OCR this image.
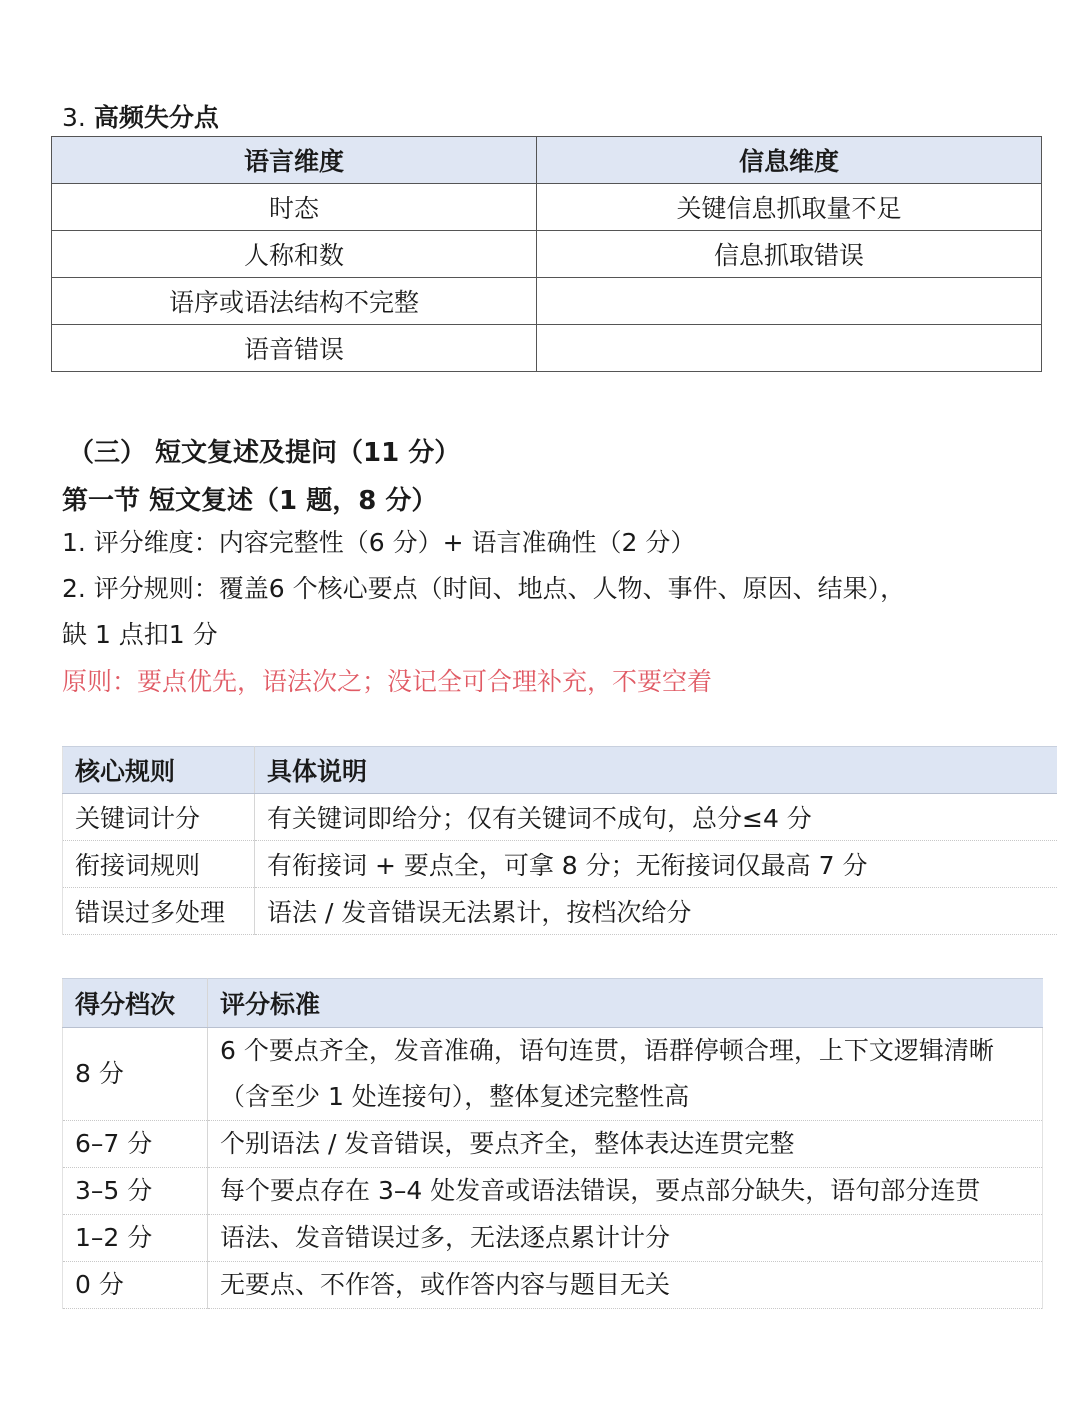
3. 高频失分点
语言维度	信息维度
时态	关键信息抓取量不足
人称和数	信息抓取错误
语序或语法结构不完整	
语音错误	
（三） 短文复述及提问（11 分）
第一节 短文复述（1 题，8 分）
1. 评分维度：内容完整性（6 分）+ 语言准确性（2 分）
2. 评分规则：覆盖6 个核心要点（时间、地点、人物、事件、原因、结果），
缺 1 点扣1 分
原则：要点优先，语法次之；没记全可合理补充，不要空着
核心规则	具体说明
关键词计分	有关键词即给分；仅有关键词不成句，总分≤4 分
衔接词规则	有衔接词 + 要点全，可拿 8 分；无衔接词仅最高 7 分
错误过多处理	语法 / 发音错误无法累计，按档次给分
得分档次	评分标准
8 分	6 个要点齐全，发音准确，语句连贯，语群停顿合理，上下文逻辑清晰（含至少 1 处连接句），整体复述完整性高
6–7 分	个别语法 / 发音错误，要点齐全，整体表达连贯完整
3–5 分	每个要点存在 3–4 处发音或语法错误，要点部分缺失，语句部分连贯
1–2 分	语法、发音错误过多，无法逐点累计计分
0 分	无要点、不作答，或作答内容与题目无关
